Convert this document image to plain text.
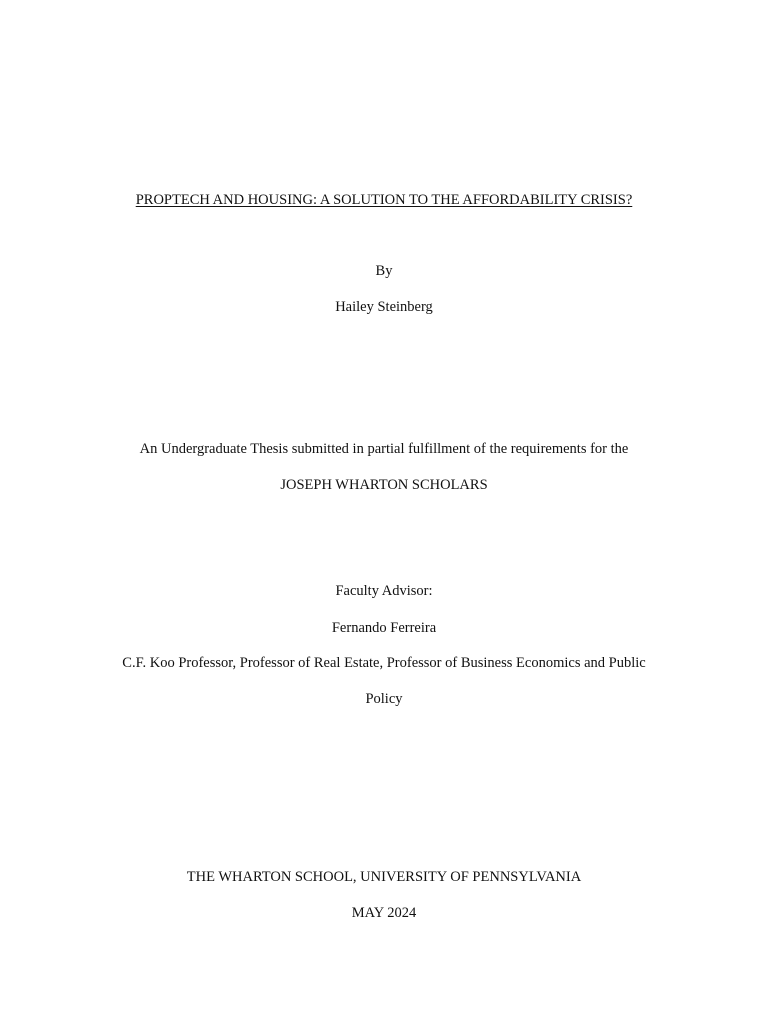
PROPTECH AND HOUSING: A SOLUTION TO THE AFFORDABILITY CRISIS?
By
Hailey Steinberg
An Undergraduate Thesis submitted in partial fulfillment of the requirements for the
JOSEPH WHARTON SCHOLARS
Faculty Advisor:
Fernando Ferreira
C.F. Koo Professor, Professor of Real Estate, Professor of Business Economics and Public
Policy
THE WHARTON SCHOOL, UNIVERSITY OF PENNSYLVANIA
MAY 2024
